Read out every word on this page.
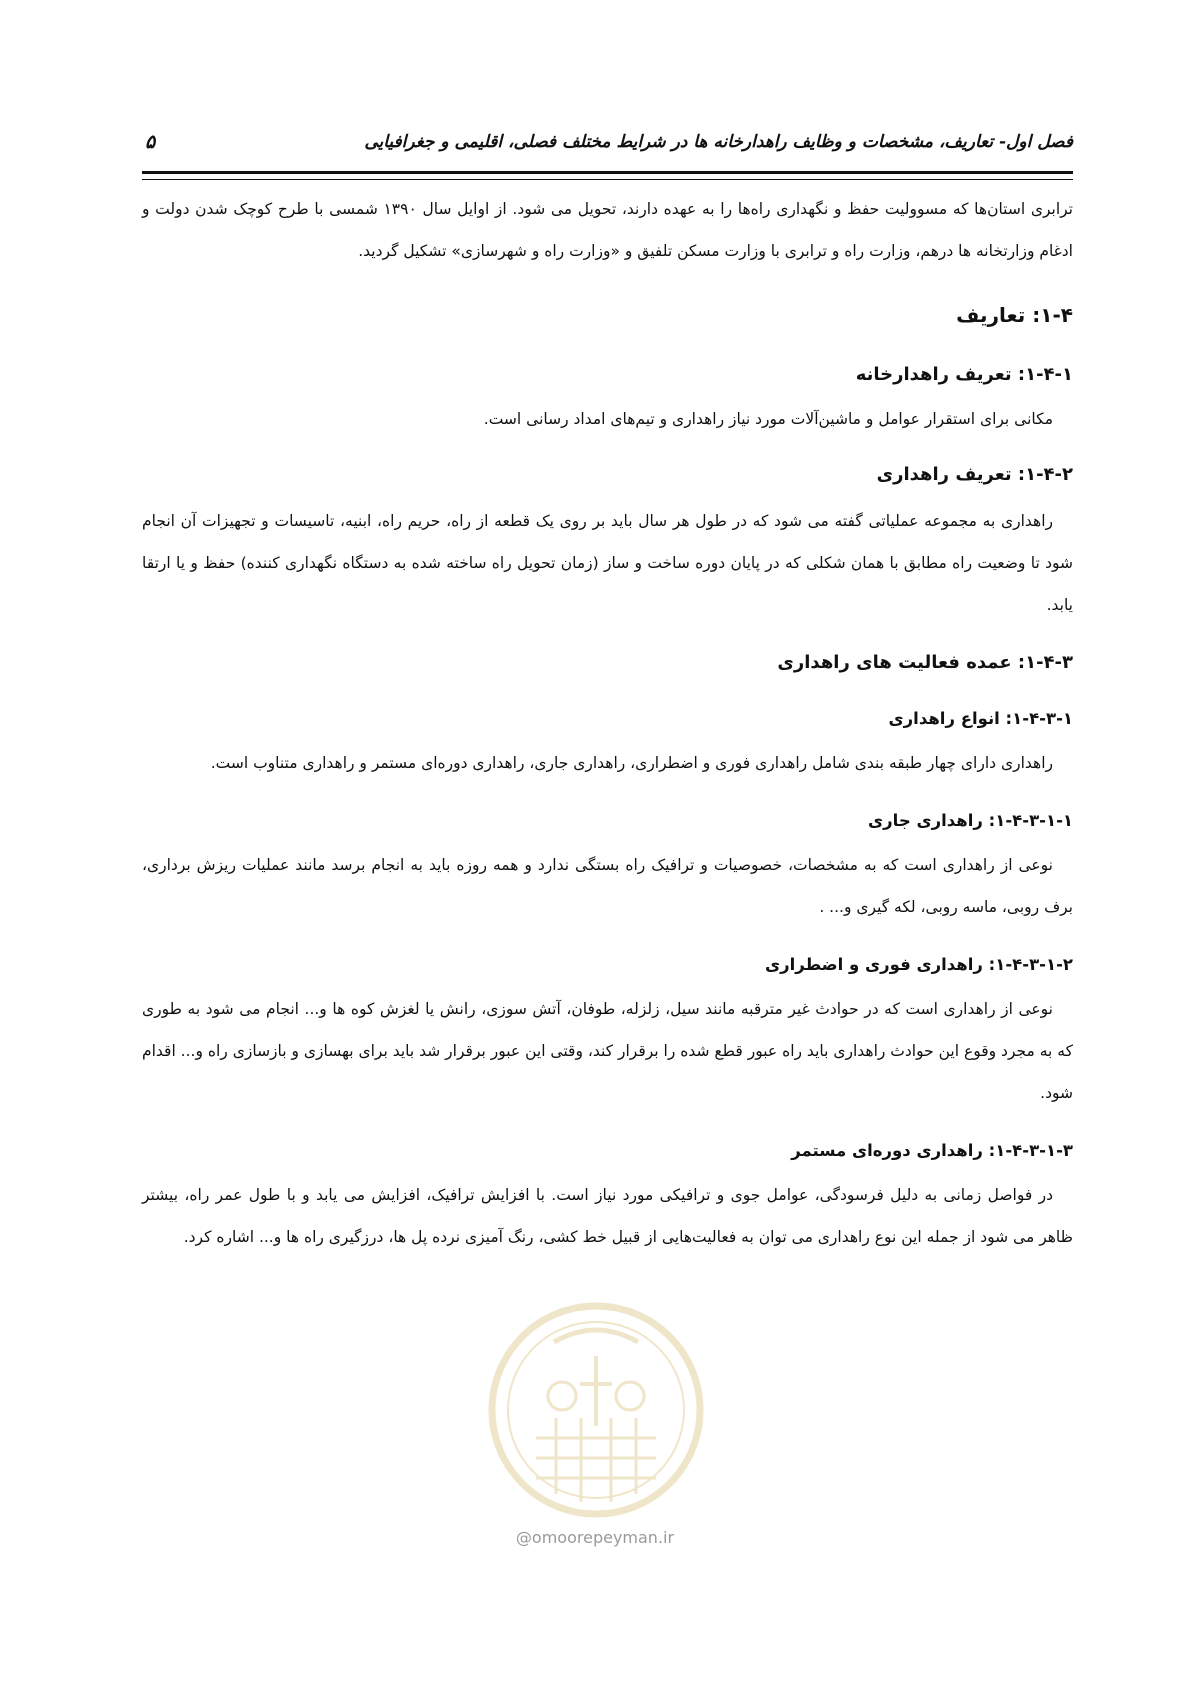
فصل اول- تعاریف، مشخصات و وظایف راهدارخانه ها در شرایط مختلف فصلی، اقلیمی و جغرافیایی
۵

ترابری استان‌ها که مسوولیت حفظ و نگهداری راه‌ها را به عهده دارند، تحویل می شود. از اوایل سال ۱۳۹۰ شمسی با طرح کوچک شدن دولت و ادغام وزارتخانه ها درهم، وزارت راه و ترابری با وزارت مسکن تلفیق و «وزارت راه و شهرسازی» تشکیل گردید.

۱-۴: تعاریف
۱-۴-۱: تعریف راهدارخانه

مکانی برای استقرار عوامل و ماشین‌آلات مورد نیاز راهداری و تیم‌های امداد رسانی است.

۱-۴-۲: تعریف راهداری

راهداری به مجموعه عملیاتی گفته می شود که در طول هر سال باید بر روی یک قطعه از راه، حریم راه، ابنیه، تاسیسات و تجهیزات آن انجام شود تا وضعیت راه مطابق با همان شکلی که در پایان دوره ساخت و ساز (زمان تحویل راه ساخته شده به دستگاه نگهداری کننده) حفظ و یا ارتقا یابد.

۱-۴-۳: عمده فعالیت های راهداری
۱-۴-۳-۱: انواع راهداری

راهداری دارای چهار طبقه بندی شامل راهداری فوری و اضطراری، راهداری جاری، راهداری دوره‌ای مستمر و راهداری متناوب است.

۱-۴-۳-۱-۱: راهداری جاری

نوعی از راهداری است که به مشخصات، خصوصیات و ترافیک راه بستگی ندارد و همه روزه باید به انجام برسد مانند عملیات ریزش برداری، برف روبی، ماسه روبی، لکه گیری و... .

۱-۴-۳-۱-۲: راهداری فوری و اضطراری

نوعی از راهداری است که در حوادث غیر مترقبه مانند سیل، زلزله، طوفان، آتش سوزی، رانش یا لغزش کوه ها و... انجام می شود به طوری که به مجرد وقوع این حوادث راهداری باید راه عبور قطع شده را برقرار کند، وقتی این عبور برقرار شد باید برای بهسازی و بازسازی راه و... اقدام شود.

۱-۴-۳-۱-۳: راهداری دوره‌ای مستمر

در فواصل زمانی به دلیل فرسودگی، عوامل جوی و ترافیکی مورد نیاز است. با افزایش ترافیک، افزایش می یابد و با طول عمر راه، بیشتر ظاهر می شود از جمله این نوع راهداری می توان به فعالیت‌هایی از قبیل خط کشی، رنگ آمیزی نرده پل ها، درزگیری راه ها و... اشاره کرد.

@omoorepeyman.ir
